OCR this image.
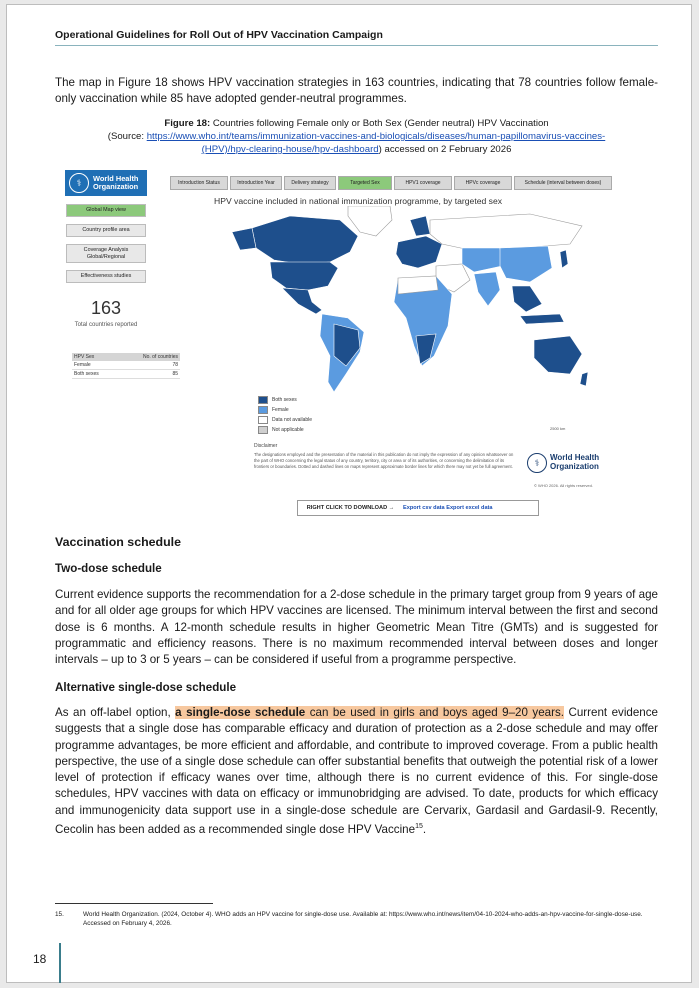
Operational Guidelines for Roll Out of HPV Vaccination Campaign

The map in Figure 18 shows HPV vaccination strategies in 163 countries, indicating that 78 countries follow female-only vaccination while 85 have adopted gender-neutral programmes.

Figure 18: Countries following Female only or Both Sex (Gender neutral) HPV Vaccination
(Source: https://www.who.int/teams/immunization-vaccines-and-biologicals/diseases/human-papillomavirus-vaccines-(HPV)/hpv-clearing-house/hpv-dashboard) accessed on 2 February 2026
⚕	World Health
Organization
Global Map view
Country profile area
Coverage Analysis Global/Regional
Effectiveness studies
163
Total countries reported
HPV Sex	No. of countries
Female	78
Both sexes	85
Introduction Status	Introduction Year	Delivery strategy	Targeted Sex	HPV1 coverage	HPVc coverage	Schedule (interval between doses)
HPV vaccine included in national immunization programme, by targeted sex
2500 km
Both sexes
Female
Data not available
Not applicable
Disclaimer
The designations employed and the presentation of the material in this publication do not imply the expression of any opinion whatsoever on the part of WHO concerning the legal status of any country, territory, city or area or of its authorities, or concerning the delimitation of its frontiers or boundaries. Dotted and dashed lines on maps represent approximate border lines for which there may not yet be full agreement.	⚕
World Health
Organization
© WHO 2026. All rights reserved.
RIGHT CLICK TO DOWNLOAD →	Export csv data Export excel data
Vaccination schedule
Two-dose schedule

Current evidence supports the recommendation for a 2-dose schedule in the primary target group from 9 years of age and for all older age groups for which HPV vaccines are licensed. The minimum interval between the first and second dose is 6 months. A 12-month schedule results in higher Geometric Mean Titre (GMTs) and is suggested for programmatic and efficiency reasons. There is no maximum recommended interval between doses and longer intervals – up to 3 or 5 years – can be considered if useful from a programme perspective.

Alternative single-dose schedule

As an off-label option, a single-dose schedule can be used in girls and boys aged 9–20 years. Current evidence suggests that a single dose has comparable efficacy and duration of protection as a 2-dose schedule and may offer programme advantages, be more efficient and affordable, and contribute to improved coverage. From a public health perspective, the use of a single dose schedule can offer substantial benefits that outweigh the potential risk of a lower level of protection if efficacy wanes over time, although there is no current evidence of this. For single-dose schedules, HPV vaccines with data on efficacy or immunobridging are advised. To date, products for which efficacy and immunogenicity data support use in a single-dose schedule are Cervarix, Gardasil and Gardasil-9. Recently, Cecolin has been added as a recommended single dose HPV Vaccine$^{15}$.

15.	World Health Organization. (2024, October 4). WHO adds an HPV vaccine for single-dose use. Available at: https://www.who.int/news/item/04-10-2024-who-adds-an-hpv-vaccine-for-single-dose-use. Accessed on February 4, 2026.
18
